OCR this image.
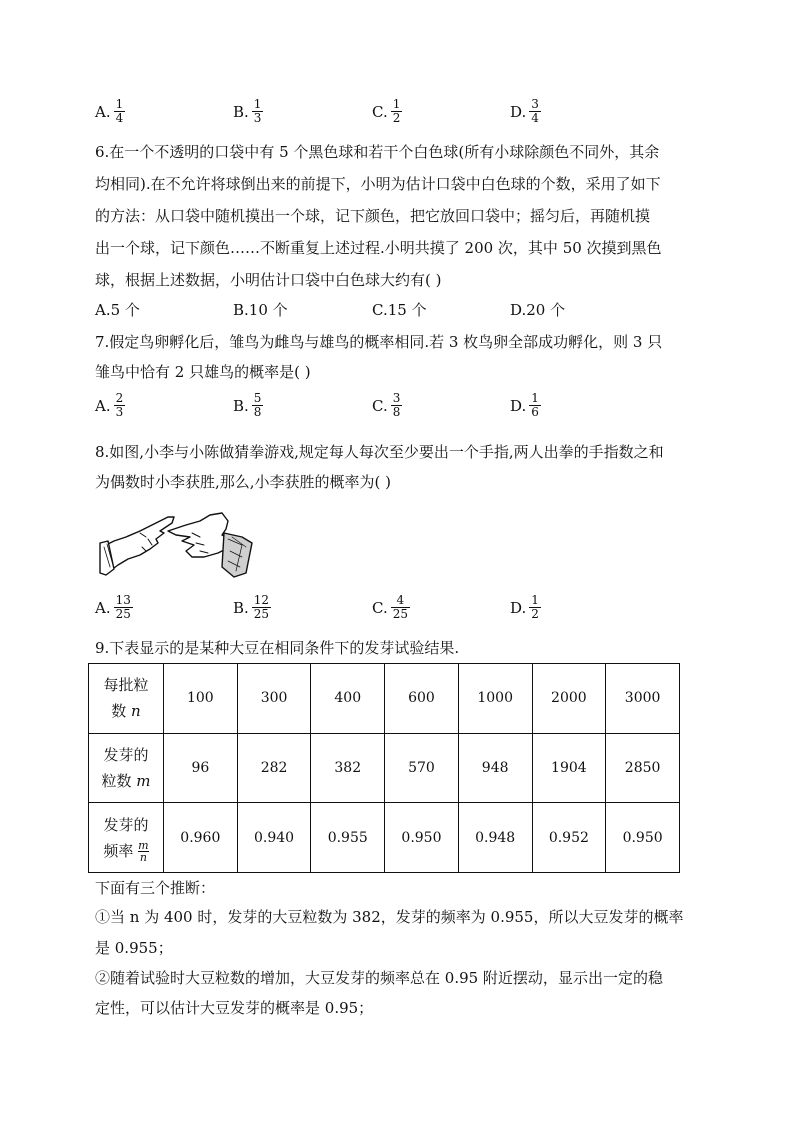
A. $\frac{1}{4}$	B. $\frac{1}{3}$	C. $\frac{1}{2}$	D. $\frac{3}{4}$
6.在一个不透明的口袋中有 5 个黑色球和若干个白色球(所有小球除颜色不同外，其余
均相同).在不允许将球倒出来的前提下，小明为估计口袋中白色球的个数，采用了如下
的方法：从口袋中随机摸出一个球，记下颜色，把它放回口袋中；摇匀后，再随机摸
出一个球，记下颜色……不断重复上述过程.小明共摸了 200 次，其中 50 次摸到黑色
球，根据上述数据，小明估计口袋中白色球大约有( )
A.5 个	B.10 个	C.15 个	D.20 个
7.假定鸟卵孵化后，雏鸟为雌鸟与雄鸟的概率相同.若 3 枚鸟卵全部成功孵化，则 3 只
雏鸟中恰有 2 只雄鸟的概率是( )
A. $\frac{2}{3}$	B. $\frac{5}{8}$	C. $\frac{3}{8}$	D. $\frac{1}{6}$
8.如图,小李与小陈做猜拳游戏,规定每人每次至少要出一个手指,两人出拳的手指数之和
为偶数时小李获胜,那么,小李获胜的概率为( )
A. $\frac{13}{25}$	B. $\frac{12}{25}$	C. $\frac{4}{25}$	D. $\frac{1}{2}$
9.下表显示的是某种大豆在相同条件下的发芽试验结果.
每批粒
数 n	100	300	400	600	1000	2000	3000
发芽的
粒数 m	96	282	382	570	948	1904	2850
发芽的
频率 $\frac{m}{n}$	0.960	0.940	0.955	0.950	0.948	0.952	0.950
下面有三个推断：
①当 n 为 400 时，发芽的大豆粒数为 382，发芽的频率为 0.955，所以大豆发芽的概率
是 0.955；
②随着试验时大豆粒数的增加，大豆发芽的频率总在 0.95 附近摆动，显示出一定的稳
定性，可以估计大豆发芽的概率是 0.95；
